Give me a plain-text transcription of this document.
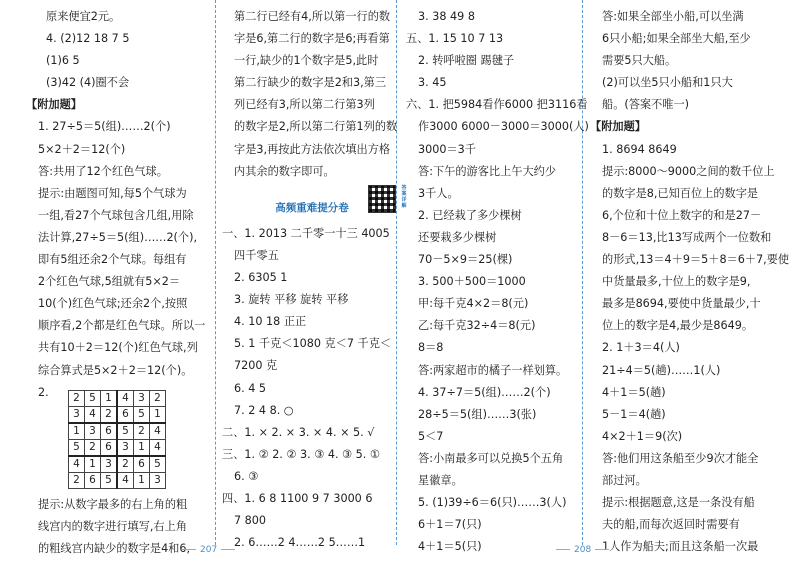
原来便宜2元。
4. (2)12 18 7 5
(1)6 5
(3)42 (4)圈不会
【附加题】
1. 27÷5＝5(组)……2(个)
5×2＋2＝12(个)
答:共用了12个红色气球。
提示:由题图可知,每5个气球为
一组,看27个气球包含几组,用除
法计算,27÷5＝5(组)……2(个),
即有5组还余2个气球。每组有
2个红色气球,5组就有5×2＝
10(个)红色气球;还余2个,按照
顺序看,2个都是红色气球。所以一
共有10＋2＝12(个)红色气球,列
综合算式是5×2＋2＝12(个)。
2. 2	5	1	4	3	2
3	4	2	6	5	1
1	3	6	5	2	4
5	2	6	3	1	4
4	1	3	2	6	5
2	6	5	4	1	3
提示:从数字最多的右上角的粗
线宫内的数字进行填写,右上角
的粗线宫内缺少的数字是4和6,	207
第二行已经有4,所以第一行的数
字是6,第二行的数字是6;再看第
一行,缺少的1个数字是5,此时
第二行缺少的数字是2和3,第三
列已经有3,所以第二行第3列
的数字是2,所以第二行第1列的数
字是3,再按此方法依次填出方格
内其余的数字即可。
高频重难提分卷
答案详解
一、1. 2013 二千零一十三 4005
四千零五
2. 6305 1
3. 旋转 平移 旋转 平移
4. 10 18 正正
5. 1 千克＜1080 克＜7 千克＜
7200 克
6. 4 5
7. 2 4 8. ○
二、1. × 2. × 3. × 4. × 5. √
三、1. ② 2. ② 3. ③ 4. ③ 5. ①
6. ③
四、1. 6 8 1100 9 7 3000 6
7 800
2. 6……2 4……2 5……1
3. 38 49 8
五、1. 15 10 7 13
2. 转呼啦圈 踢毽子
3. 45
六、1. 把5984看作6000 把3116看
作3000 6000－3000＝3000(人)
3000＝3千
答:下午的游客比上午大约少
3千人。
2. 已经栽了多少棵树
还要栽多少棵树
70－5×9＝25(棵)
3. 500＋500＝1000
甲:每千克4×2＝8(元)
乙:每千克32÷4＝8(元)
8＝8
答:两家超市的橘子一样划算。
4. 37÷7＝5(组)……2(个)
28÷5＝5(组)……3(张)
5＜7
答:小南最多可以兑换5个五角
星徽章。
5. (1)39÷6＝6(只)……3(人)
6＋1＝7(只)
4＋1＝5(只)
答:如果全部坐小船,可以坐满
6只小船;如果全部坐大船,至少
需要5只大船。
(2)可以坐5只小船和1只大
船。(答案不唯一)
【附加题】
1. 8694 8649
提示:8000～9000之间的数千位上
的数字是8,已知百位上的数字是
6,个位和十位上数字的和是27－
8－6＝13,比13写成两个一位数和
的形式,13＝4＋9＝5＋8＝6＋7,要使
中货量最多,十位上的数字是9,
最多是8694,要使中货量最少,十
位上的数字是4,最少是8649。
2. 1＋3＝4(人)
21÷4＝5(趟)……1(人)
4＋1＝5(趟)
5－1＝4(趟)
4×2＋1＝9(次)
答:他们用这条船至少9次才能全
部过河。
提示:根据题意,这是一条没有船
夫的船,而每次返回时需要有
1人作为船夫;而且这条船一次最
208
